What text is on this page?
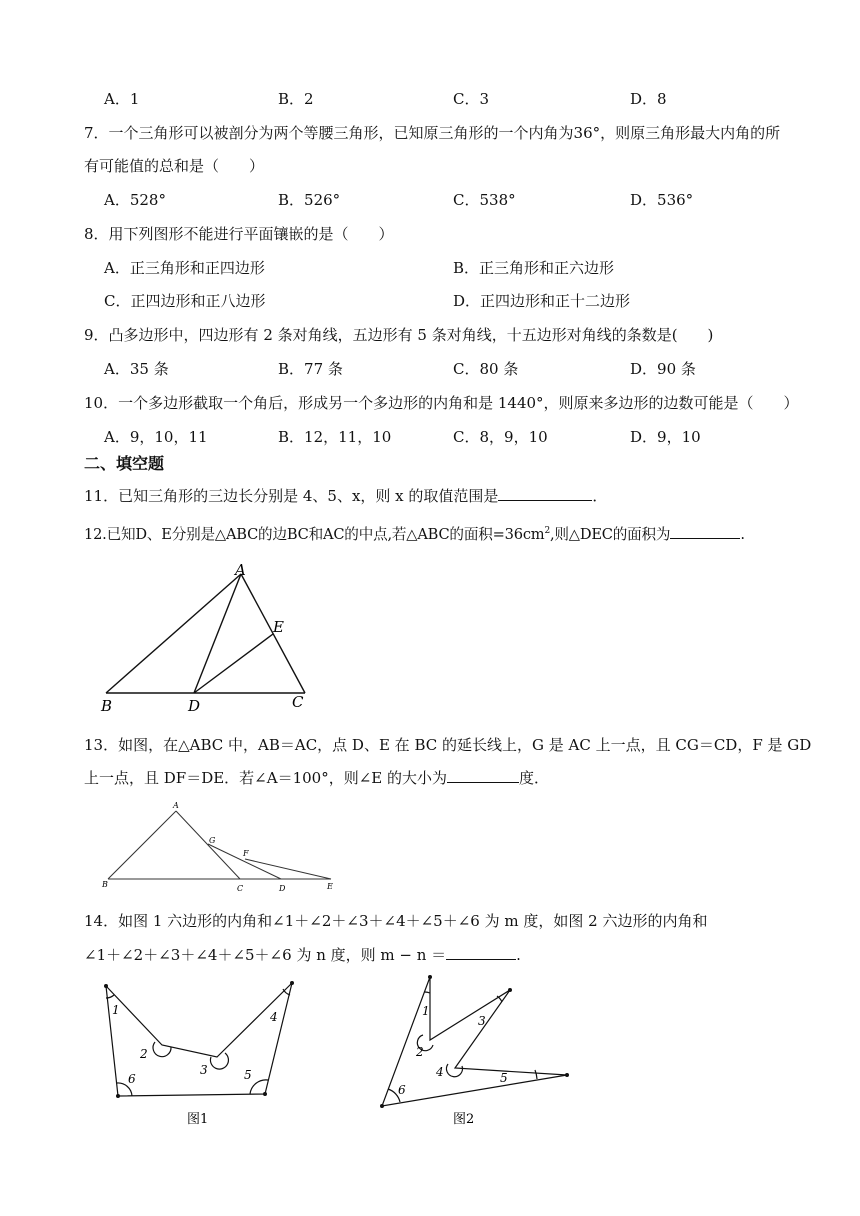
A．1	B．2	C．3	D．8
7．一个三角形可以被剖分为两个等腰三角形，已知原三角形的一个内角为36°，则原三角形最大内角的所
有可能值的总和是（　　）
A．528°	B．526°	C．538°	D．536°
8．用下列图形不能进行平面镶嵌的是（　　）
A．正三角形和正四边形	B．正三角形和正六边形
C．正四边形和正八边形	D．正四边形和正十二边形
9．凸多边形中，四边形有 2 条对角线，五边形有 5 条对角线，十五边形对角线的条数是(　　)
A．35 条	B．77 条	C．80 条	D．90 条
10．一个多边形截取一个角后，形成另一个多边形的内角和是 1440°，则原来多边形的边数可能是（　　）
A．9，10，11	B．12，11，10	C．8，9，10	D．9，10
二、填空题
11．已知三角形的三边长分别是 4、5、x，则 x 的取值范围是	．
12.已知D、E分别是△ABC的边BC和AC的中点,若△ABC的面积$=36cm^2$,则△DEC的面积为	.
A
B	D	C
E
13．如图，在△ABC 中，AB＝AC，点 D、E 在 BC 的延长线上，G 是 AC 上一点，且 CG＝CD，F 是 GD
上一点，且 DF＝DE．若∠A＝100°，则∠E 的大小为	度．
A
B	C	D	E
F
G
14．如图 1 六边形的内角和∠1＋∠2＋∠3＋∠4＋∠5＋∠6 为 m 度，如图 2 六边形的内角和
∠1＋∠2＋∠3＋∠4＋∠5＋∠6 为 n 度，则 m − n ＝	.
1
2
3
4
5
6
图1
1
2
3
4	5
6
图2
